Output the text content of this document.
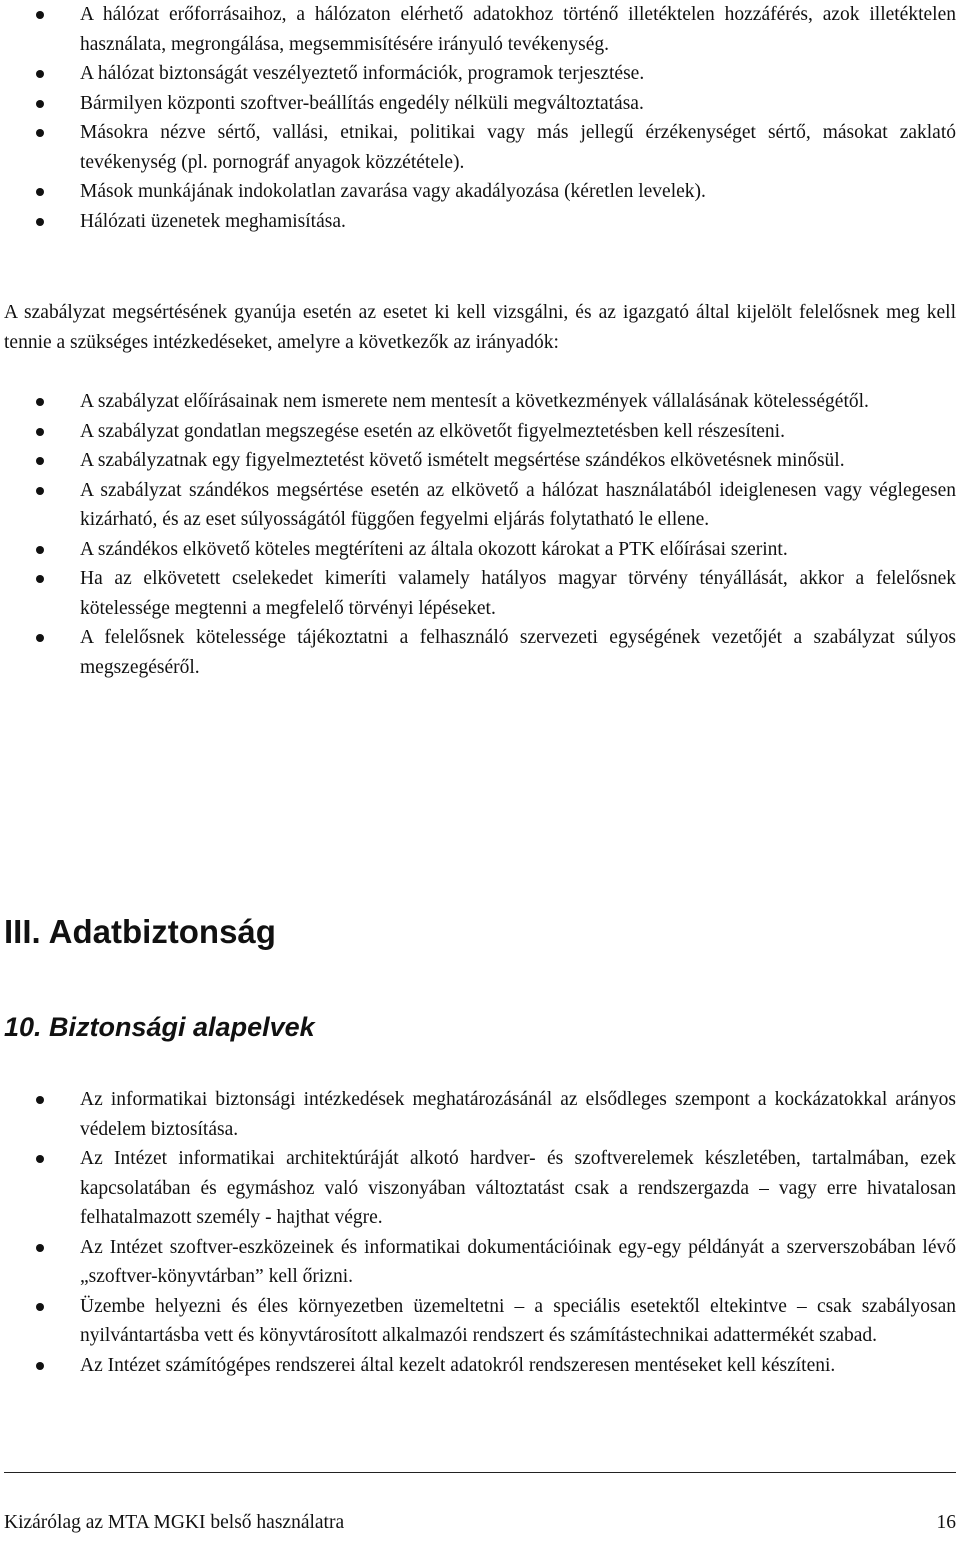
A hálózat erőforrásaihoz, a hálózaton elérhető adatokhoz történő illetéktelen hozzáférés, azok illetéktelen használata, megrongálása, megsemmisítésére irányuló tevékenység.
A hálózat biztonságát veszélyeztető információk, programok terjesztése.
Bármilyen központi szoftver-beállítás engedély nélküli megváltoztatása.
Másokra nézve sértő, vallási, etnikai, politikai vagy más jellegű érzékenységet sértő, másokat zaklató tevékenység (pl. pornográf anyagok közzététele).
Mások munkájának indokolatlan zavarása vagy akadályozása (kéretlen levelek).
Hálózati üzenetek meghamisítása.

A szabályzat megsértésének gyanúja esetén az esetet ki kell vizsgálni, és az igazgató által kijelölt felelősnek meg kell tennie a szükséges intézkedéseket, amelyre a következők az irányadók:

A szabályzat előírásainak nem ismerete nem mentesít a következmények vállalásának kötelességétől.
A szabályzat gondatlan megszegése esetén az elkövetőt figyelmeztetésben kell részesíteni.
A szabályzatnak egy figyelmeztetést követő ismételt megsértése szándékos elkövetésnek minősül.
A szabályzat szándékos megsértése esetén az elkövető a hálózat használatából ideiglenesen vagy véglegesen kizárható, és az eset súlyosságától függően fegyelmi eljárás folytatható le ellene.
A szándékos elkövető köteles megtéríteni az általa okozott károkat a PTK előírásai szerint.
Ha az elkövetett cselekedet kimeríti valamely hatályos magyar törvény tényállását, akkor a felelősnek kötelessége megtenni a megfelelő törvényi lépéseket.
A felelősnek kötelessége tájékoztatni a felhasználó szervezeti egységének vezetőjét a szabályzat súlyos megszegéséről.
III. Adatbiztonság
10. Biztonsági alapelvek
Az informatikai biztonsági intézkedések meghatározásánál az elsődleges szempont a kockázatokkal arányos védelem biztosítása.
Az Intézet informatikai architektúráját alkotó hardver- és szoftverelemek készletében, tartalmában, ezek kapcsolatában és egymáshoz való viszonyában változtatást csak a rendszergazda – vagy erre hivatalosan felhatalmazott személy - hajthat végre.
Az Intézet szoftver-eszközeinek és informatikai dokumentációinak egy-egy példányát a szerverszobában lévő „szoftver-könyvtárban” kell őrizni.
Üzembe helyezni és éles környezetben üzemeltetni – a speciális esetektől eltekintve – csak szabályosan nyilvántartásba vett és könyvtárosított alkalmazói rendszert és számítástechnikai adattermékét szabad.
Az Intézet számítógépes rendszerei által kezelt adatokról rendszeresen mentéseket kell készíteni.
Kizárólag az MTA MGKI belső használatra	16
